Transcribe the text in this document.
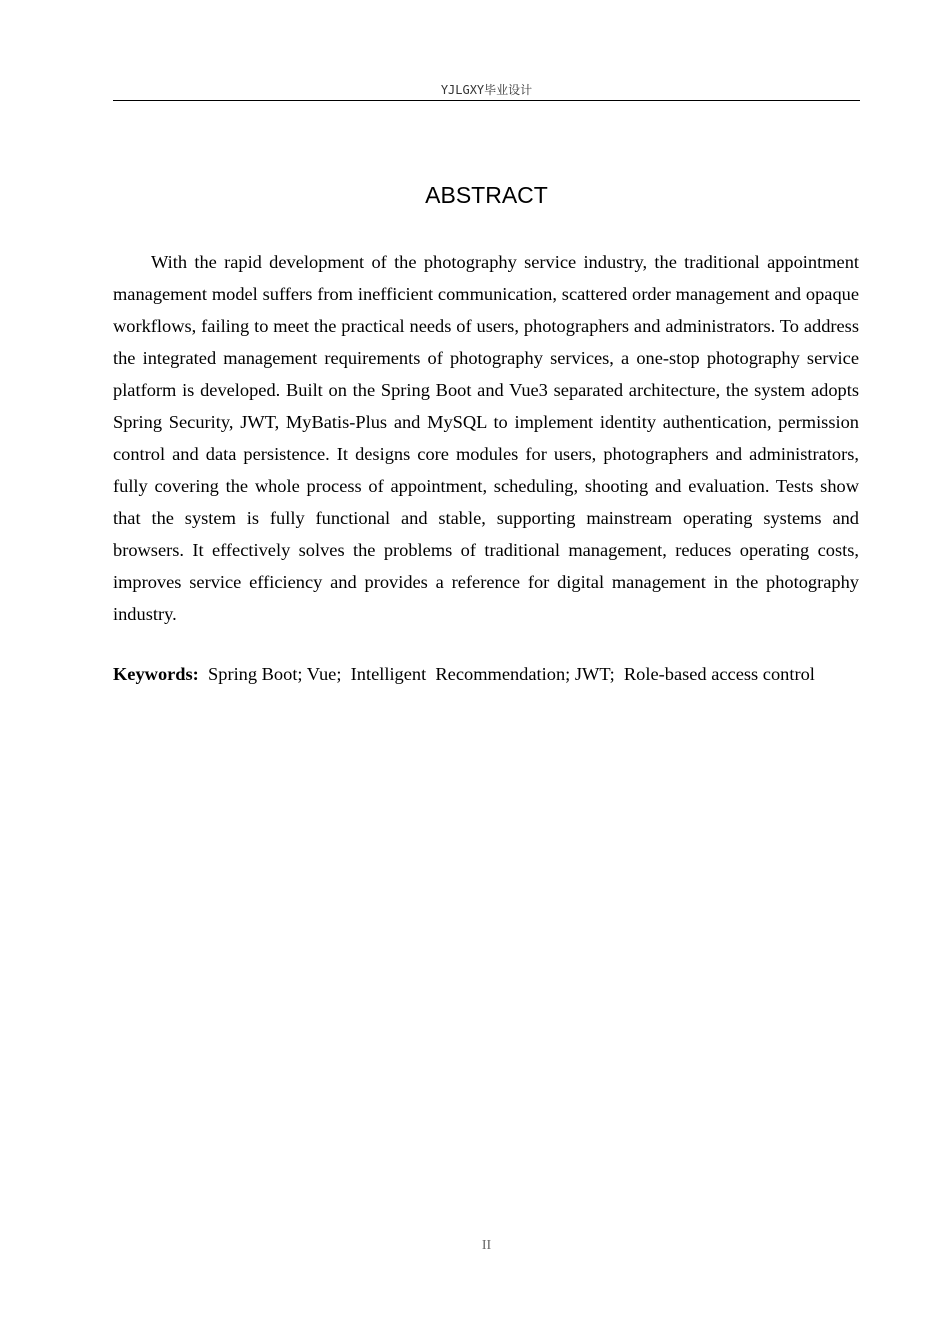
YJLGXY毕业设计
ABSTRACT

With the rapid development of the photography service industry, the traditional appointment management model suffers from inefficient communication, scattered order management and opaque workflows, failing to meet the practical needs of users, photographers and administrators. To address the integrated management requirements of photography services, a one-stop photography service platform is developed. Built on the Spring Boot and Vue3 separated architecture, the system adopts Spring Security, JWT, MyBatis-Plus and MySQL to implement identity authentication, permission control and data persistence. It designs core modules for users, photographers and administrators, fully covering the whole process of appointment, scheduling, shooting and evaluation. Tests show that the system is fully functional and stable, supporting mainstream operating systems and browsers. It effectively solves the problems of traditional management, reduces operating costs, improves service efficiency and provides a reference for digital management in the photography industry.

Keywords: Spring Boot; Vue;  Intelligent  Recommendation; JWT;  Role-based access control

II
